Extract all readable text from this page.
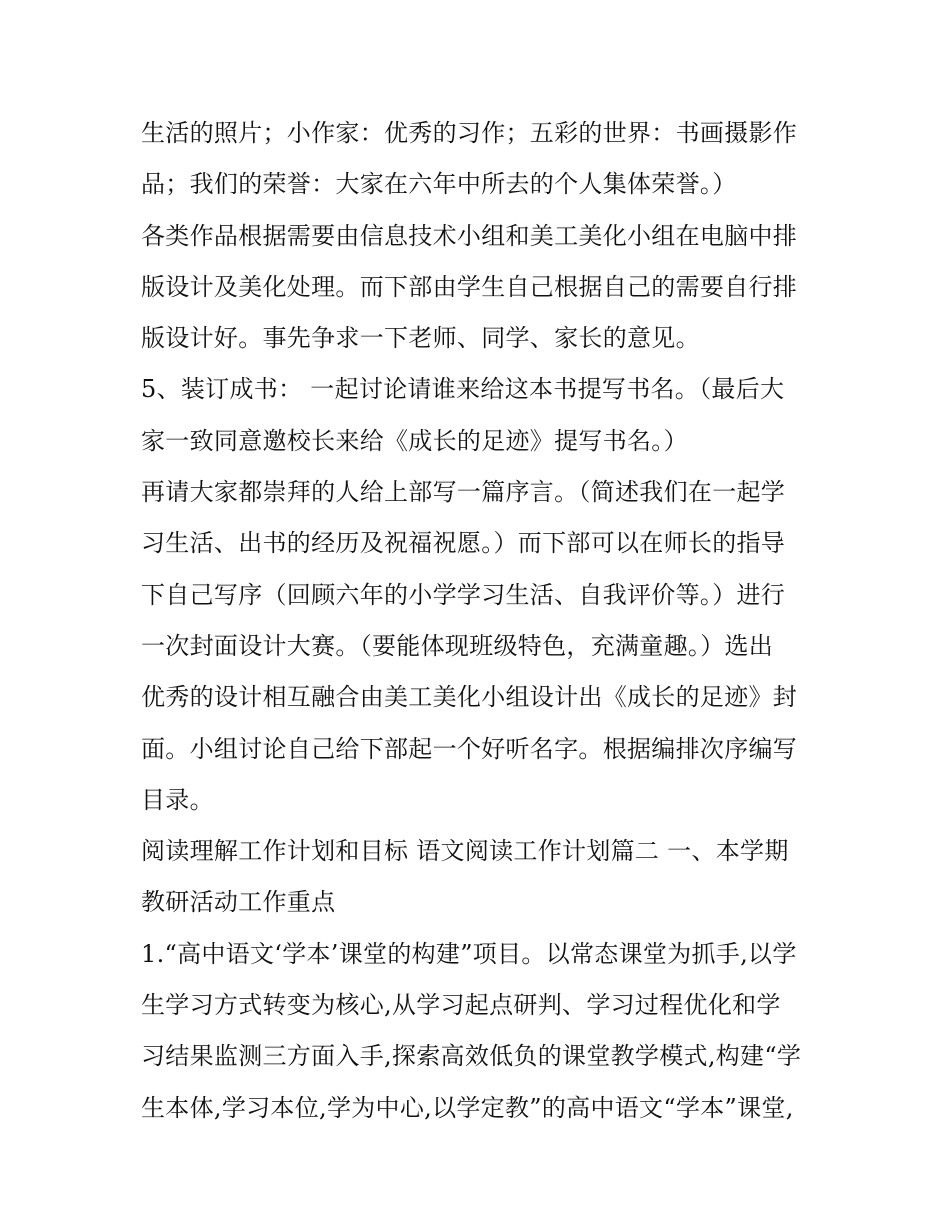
生活的照片；小作家：优秀的习作；五彩的世界：书画摄影作
品；我们的荣誉：大家在六年中所去的个人集体荣誉。）
各类作品根据需要由信息技术小组和美工美化小组在电脑中排
版设计及美化处理。而下部由学生自己根据自己的需要自行排
版设计好。事先争求一下老师、同学、家长的意见。
5、装订成书： 一起讨论请谁来给这本书提写书名。（最后大
家一致同意邀校长来给《成长的足迹》提写书名。）
再请大家都崇拜的人给上部写一篇序言。（简述我们在一起学
习生活、出书的经历及祝福祝愿。）而下部可以在师长的指导
下自己写序（回顾六年的小学学习生活、自我评价等。）进行
一次封面设计大赛。（要能体现班级特色，充满童趣。）选出
优秀的设计相互融合由美工美化小组设计出《成长的足迹》封
面。小组讨论自己给下部起一个好听名字。根据编排次序编写
目录。
阅读理解工作计划和目标 语文阅读工作计划篇二 一、本学期
教研活动工作重点
1.“高中语文‘学本’课堂的构建”项目。以常态课堂为抓手,以学
生学习方式转变为核心,从学习起点研判、学习过程优化和学
习结果监测三方面入手,探索高效低负的课堂教学模式,构建“学
生本体,学习本位,学为中心,以学定教”的高中语文“学本”课堂,
